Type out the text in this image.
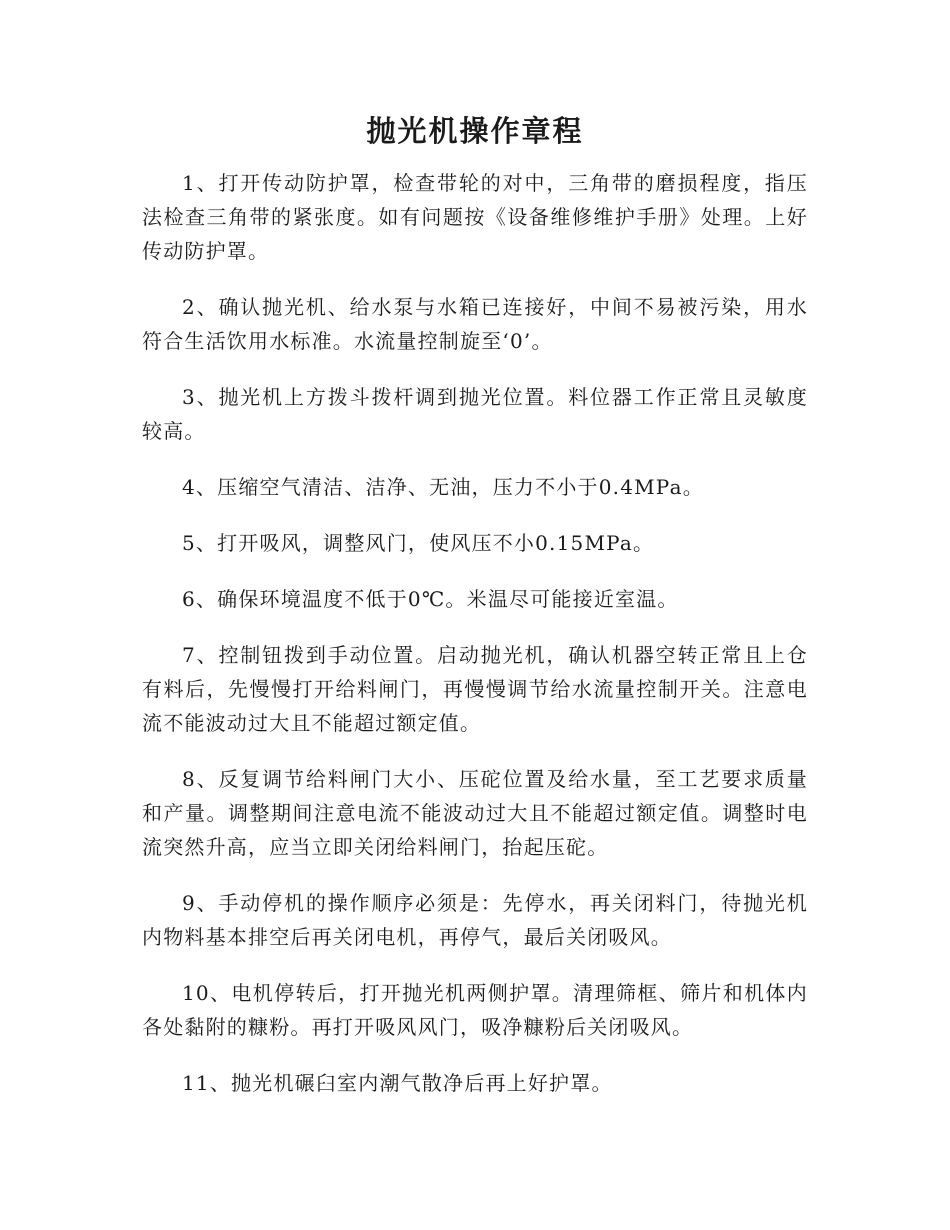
抛光机操作章程

1、打开传动防护罩，检查带轮的对中，三角带的磨损程度，指压法检查三角带的紧张度。如有问题按《设备维修维护手册》处理。上好传动防护罩。

2、确认抛光机、给水泵与水箱已连接好，中间不易被污染，用水符合生活饮用水标准。水流量控制旋至‘0’。

3、抛光机上方拨斗拨杆调到抛光位置。料位器工作正常且灵敏度较高。

4、压缩空气清洁、洁净、无油，压力不小于0.4MPa。

5、打开吸风，调整风门，使风压不小0.15MPa。

6、确保环境温度不低于0℃。米温尽可能接近室温。

7、控制钮拨到手动位置。启动抛光机，确认机器空转正常且上仓有料后，先慢慢打开给料闸门，再慢慢调节给水流量控制开关。注意电流不能波动过大且不能超过额定值。

8、反复调节给料闸门大小、压砣位置及给水量，至工艺要求质量和产量。调整期间注意电流不能波动过大且不能超过额定值。调整时电流突然升高，应当立即关闭给料闸门，抬起压砣。

9、手动停机的操作顺序必须是：先停水，再关闭料门，待抛光机内物料基本排空后再关闭电机，再停气，最后关闭吸风。

10、电机停转后，打开抛光机两侧护罩。清理筛框、筛片和机体内各处黏附的糠粉。再打开吸风风门，吸净糠粉后关闭吸风。

11、抛光机碾臼室内潮气散净后再上好护罩。
